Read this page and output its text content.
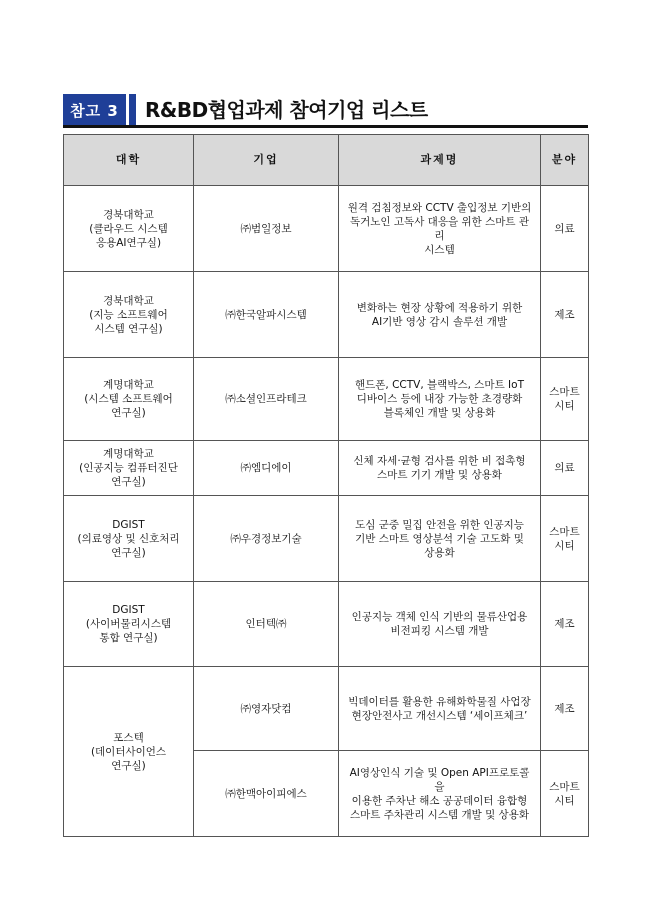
참고 3	R&BD협업과제 참여기업 리스트
대학	기업	과제명	분야

경북대학교
(클라우드 시스템
응용AI연구실)	㈜범일정보	원격 검침정보와 CCTV 출입정보 기반의
독거노인 고독사 대응을 위한 스마트 관리
시스템	의료

경북대학교
(지능 소프트웨어
시스템 연구실)	㈜한국알파시스템	변화하는 현장 상황에 적용하기 위한
AI기반 영상 감시 솔루션 개발	제조

계명대학교
(시스템 소프트웨어
연구실)	㈜소셜인프라테크	핸드폰, CCTV, 블랙박스, 스마트 IoT
디바이스 등에 내장 가능한 초경량화
블록체인 개발 및 상용화	스마트
시티

계명대학교
(인공지능 컴퓨터진단
연구실)	㈜엠디에이	신체 자세·균형 검사를 위한 비 접촉형
스마트 기기 개발 및 상용화	의료

DGIST
(의료영상 및 신호처리
연구실)	㈜우경정보기술	도심 군중 밀집 안전을 위한 인공지능
기반 스마트 영상분석 기술 고도화 및
상용화	스마트
시티

DGIST
(사이버물리시스템
통합 연구실)	인터텍㈜	인공지능 객체 인식 기반의 물류산업용
비전피킹 시스템 개발	제조

포스텍
(데이터사이언스
연구실)	㈜영자닷컴	빅데이터를 활용한 유해화학물질 사업장
현장안전사고 개선시스템 ‘세이프체크’	제조

	㈜한맥아이피에스	AI영상인식 기술 및 Open API프로토콜을
이용한 주차난 해소 공공데이터 융합형
스마트 주차관리 시스템 개발 및 상용화	스마트
시티
